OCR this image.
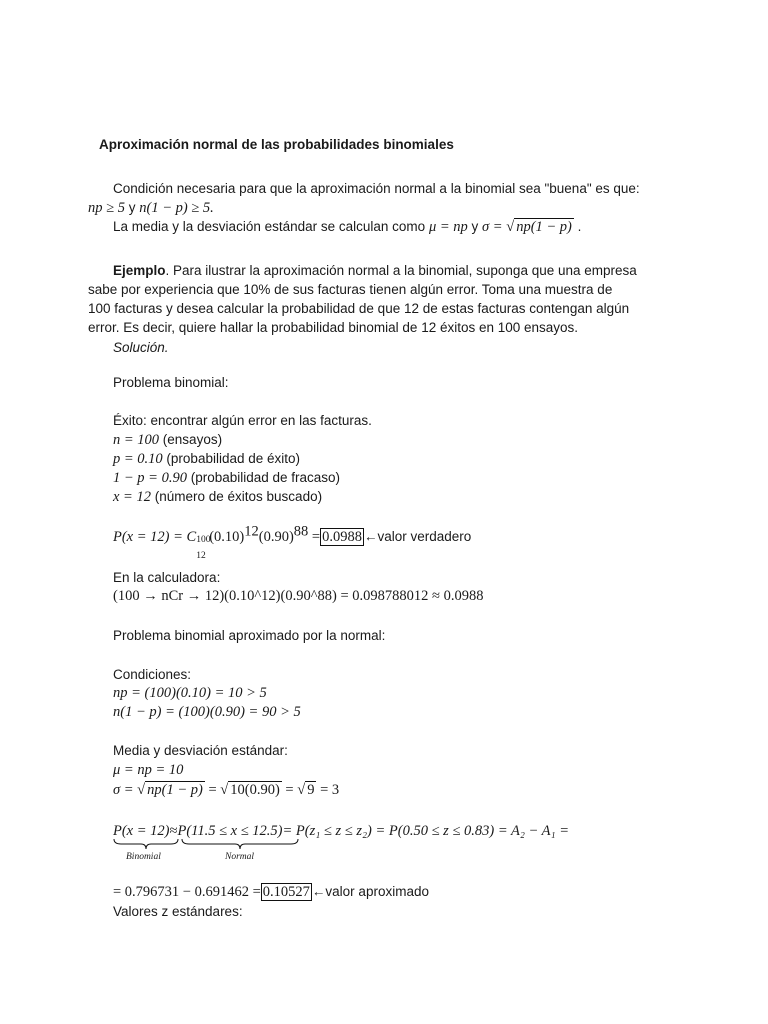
Aproximación normal de las probabilidades binomiales
Condición necesaria para que la aproximación normal a la binomial sea "buena" es que:
np ≥ 5 y n(1 − p) ≥ 5.
La media y la desviación estándar se calculan como μ = np y σ = √ np(1 − p) .
Ejemplo. Para ilustrar la aproximación normal a la binomial, suponga que una empresa
sabe por experiencia que 10% de sus facturas tienen algún error. Toma una muestra de
100 facturas y desea calcular la probabilidad de que 12 de estas facturas contengan algún
error. Es decir, quiere hallar la probabilidad binomial de 12 éxitos en 100 ensayos.
Solución.
Problema binomial:
Éxito: encontrar algún error en las facturas.
n = 100 (ensayos)
p = 0.10 (probabilidad de éxito)
1 − p = 0.90 (probabilidad de fracaso)
x = 12 (número de éxitos buscado)
P(x = 12) = C 100
12
$(0.10)^{12}(0.90)^{88} = 0.0988$ ←valor verdadero
En la calculadora:
(100 → nCr → 12)(0.10^12)(0.90^88) = 0.098788012 ≈ 0.0988
Problema binomial aproximado por la normal:
Condiciones:
np = (100)(0.10) = 10 > 5
n(1 − p) = (100)(0.90) = 90 > 5
Media y desviación estándar:
μ = np = 10
σ = √ np(1 − p) = √ 10(0.90) = √ 9 = 3
P(x = 12)≈P(11.5 ≤ x ≤ 12.5)= P(z₁ ≤ z ≤ z₂) = P(0.50 ≤ z ≤ 0.83) = A₂ − A₁ =
Binomial	Normal
= 0.796731 − 0.691462 = 0.10527 ←valor aproximado
Valores z estándares:
